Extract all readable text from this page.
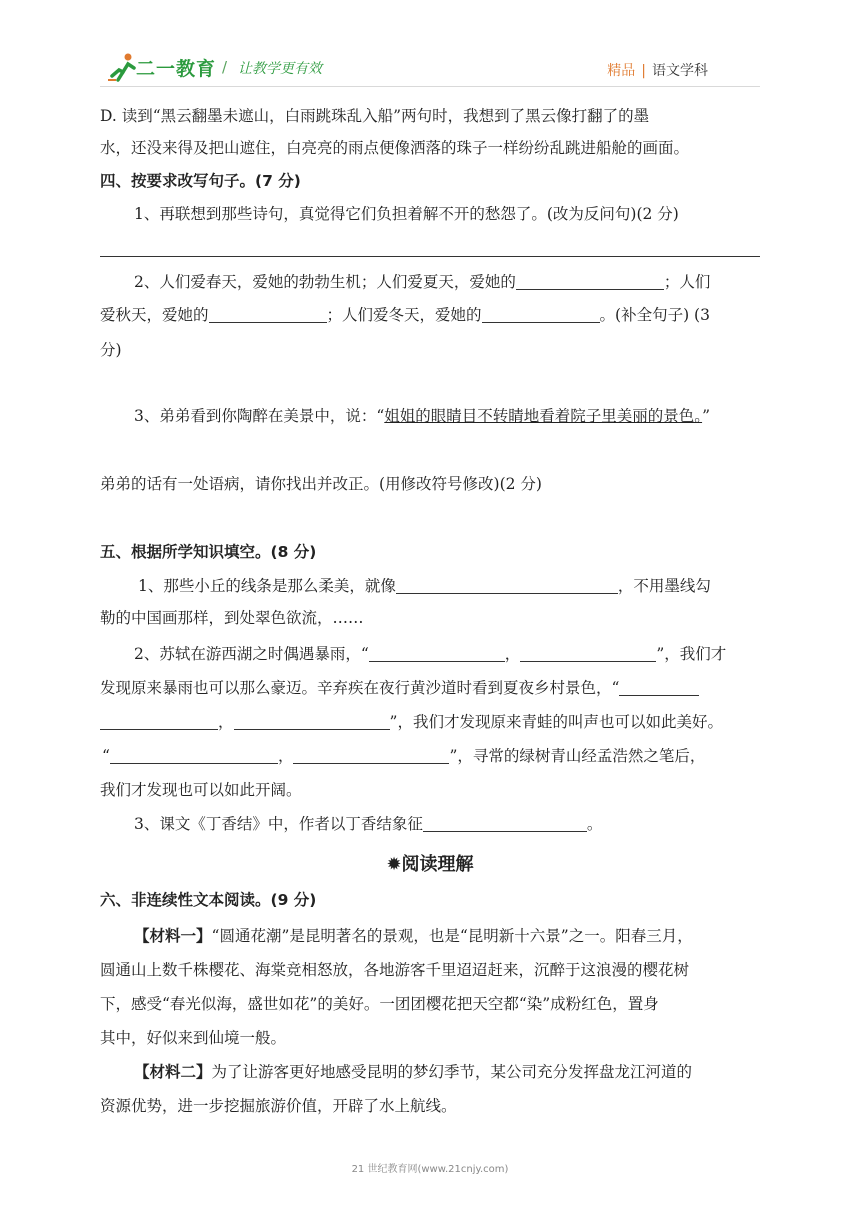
二一教育 / 让教学更有效	精品 | 语文学科
D. 读到“黑云翻墨未遮山，白雨跳珠乱入船”两句时，我想到了黑云像打翻了的墨
水，还没来得及把山遮住，白亮亮的雨点便像洒落的珠子一样纷纷乱跳进船舱的画面。
四、按要求改写句子。(7 分)
1、再联想到那些诗句，真觉得它们负担着解不开的愁怨了。(改为反问句)(2 分)
2、人们爱春天，爱她的勃勃生机；人们爱夏天，爱她的	；人们
爱秋天，爱她的	；人们爱冬天，爱她的	。(补全句子) (3
分)
3、弟弟看到你陶醉在美景中，说：“姐姐的眼睛目不转睛地看着院子里美丽的景色。”
弟弟的话有一处语病，请你找出并改正。(用修改符号修改)(2 分)
五、根据所学知识填空。(8 分)
1、那些小丘的线条是那么柔美，就像	，不用墨线勾
勒的中国画那样，到处翠色欲流，……
2、苏轼在游西湖之时偶遇暴雨，“	，	”，我们才
发现原来暴雨也可以那么豪迈。辛弃疾在夜行黄沙道时看到夏夜乡村景色，“
，	”，我们才发现原来青蛙的叫声也可以如此美好。
“	，	”，寻常的绿树青山经孟浩然之笔后，
我们才发现也可以如此开阔。
3、课文《丁香结》中，作者以丁香结象征	。
✹阅读理解
六、非连续性文本阅读。(9 分)
【材料一】“圆通花潮”是昆明著名的景观，也是“昆明新十六景”之一。阳春三月，
圆通山上数千株樱花、海棠竞相怒放，各地游客千里迢迢赶来，沉醉于这浪漫的樱花树
下，感受“春光似海，盛世如花”的美好。一团团樱花把天空都“染”成粉红色，置身
其中，好似来到仙境一般。
【材料二】为了让游客更好地感受昆明的梦幻季节，某公司充分发挥盘龙江河道的
资源优势，进一步挖掘旅游价值，开辟了水上航线。
21 世纪教育网(www.21cnjy.com)
